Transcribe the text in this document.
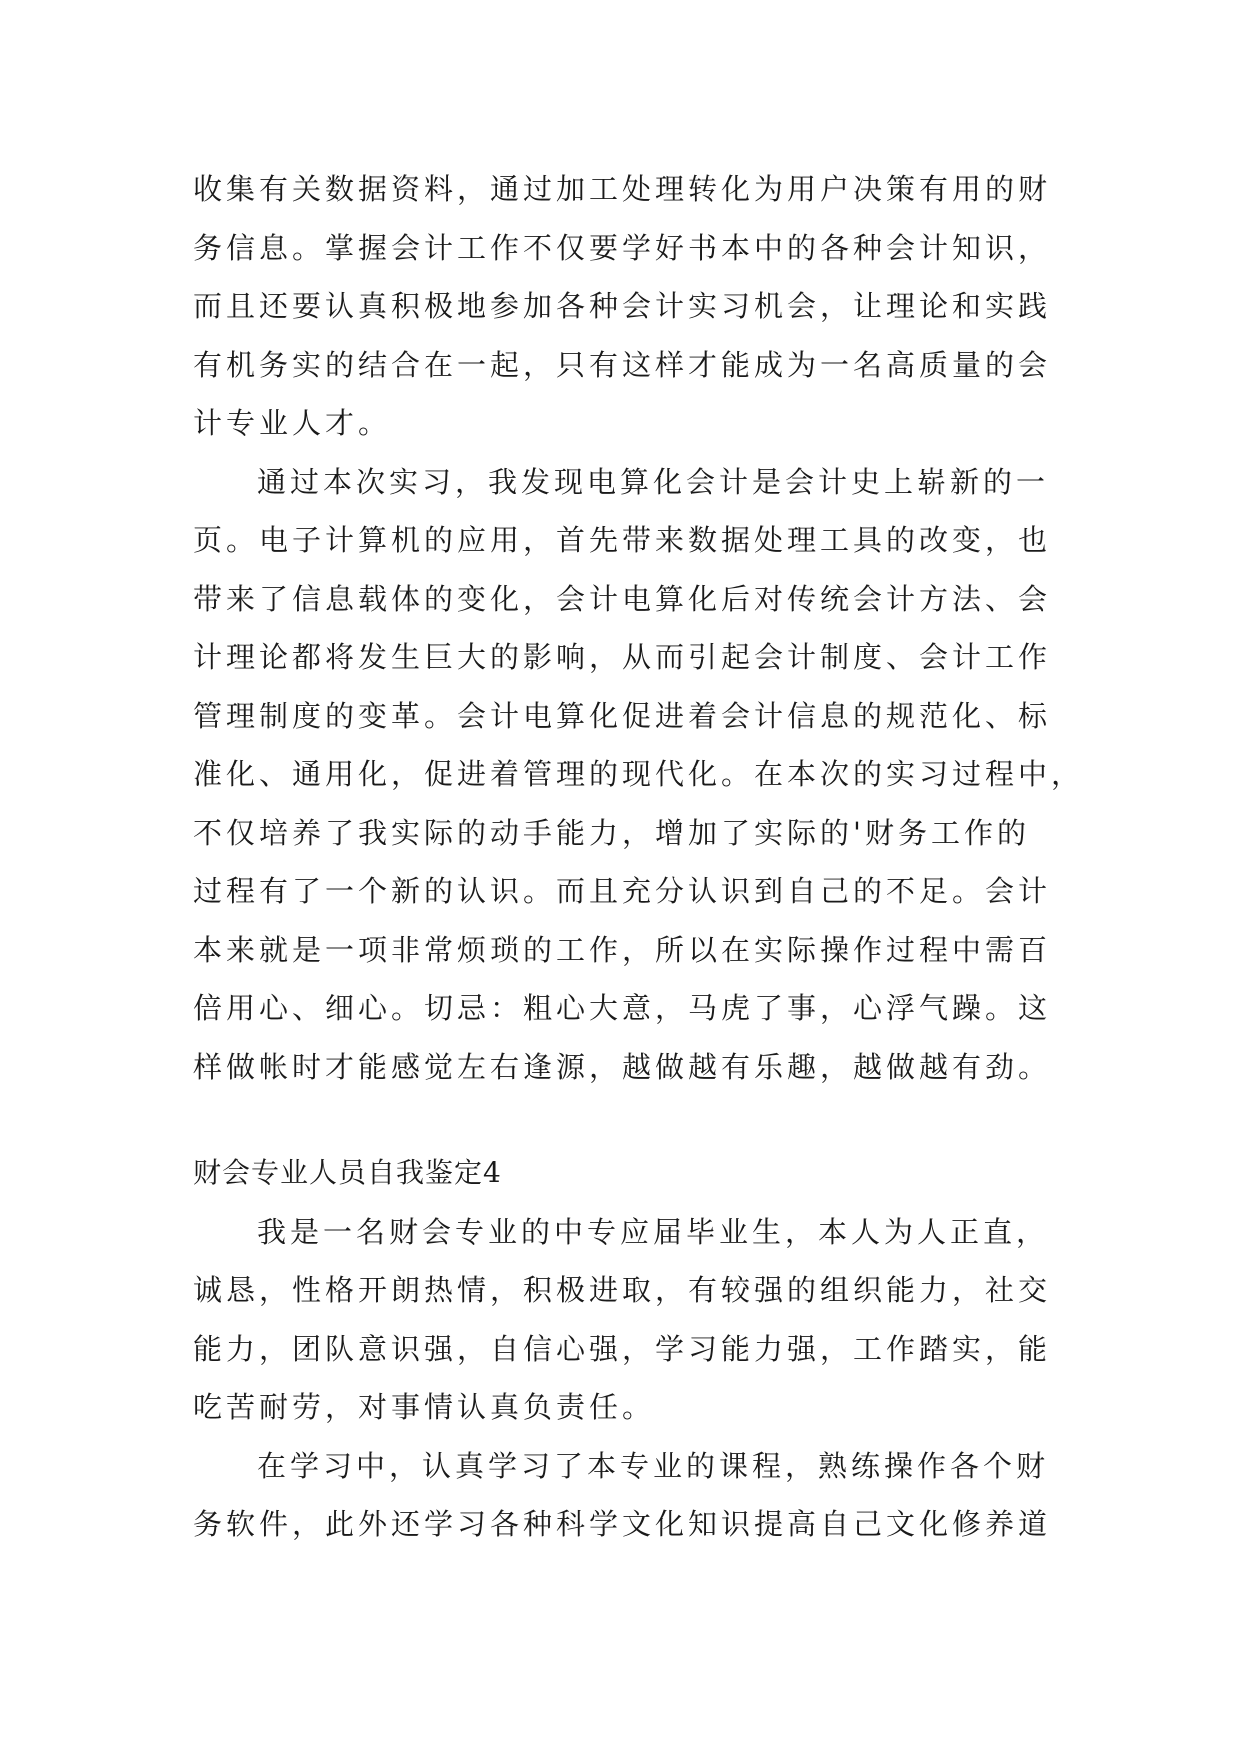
收集有关数据资料，通过加工处理转化为用户决策有用的财
务信息。掌握会计工作不仅要学好书本中的各种会计知识，
而且还要认真积极地参加各种会计实习机会，让理论和实践
有机务实的结合在一起，只有这样才能成为一名高质量的会
计专业人才。
通过本次实习，我发现电算化会计是会计史上崭新的一
页。电子计算机的应用，首先带来数据处理工具的改变，也
带来了信息载体的变化，会计电算化后对传统会计方法、会
计理论都将发生巨大的影响，从而引起会计制度、会计工作
管理制度的变革。会计电算化促进着会计信息的规范化、标
准化、通用化，促进着管理的现代化。在本次的实习过程中，
不仅培养了我实际的动手能力，增加了实际的'财务工作的
过程有了一个新的认识。而且充分认识到自己的不足。会计
本来就是一项非常烦琐的工作，所以在实际操作过程中需百
倍用心、细心。切忌：粗心大意，马虎了事，心浮气躁。这
样做帐时才能感觉左右逢源，越做越有乐趣，越做越有劲。
财会专业人员自我鉴定4
我是一名财会专业的中专应届毕业生，本人为人正直，
诚恳，性格开朗热情，积极进取，有较强的组织能力，社交
能力，团队意识强，自信心强，学习能力强，工作踏实，能
吃苦耐劳，对事情认真负责任。
在学习中，认真学习了本专业的课程，熟练操作各个财
务软件，此外还学习各种科学文化知识提高自己文化修养道
